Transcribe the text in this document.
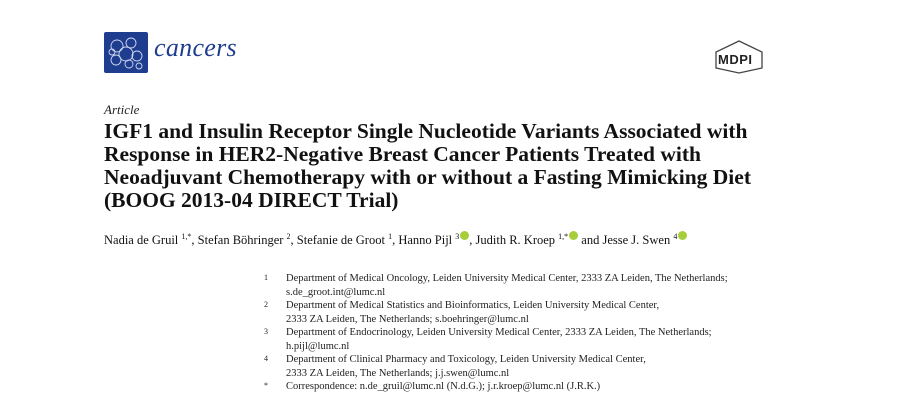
cancers	MDPI
Article
IGF1 and Insulin Receptor Single Nucleotide Variants Associated with Response in HER2-Negative Breast Cancer Patients Treated with Neoadjuvant Chemotherapy with or without a Fasting Mimicking Diet (BOOG 2013-04 DIRECT Trial)
Nadia de Gruil $^{1,*}$, Stefan Böhringer $^2$, Stefanie de Groot $^1$, Hanno Pijl $^3$ , Judith R. Kroep $^{1,*}$ and Jesse J. Swen $^4$
1	Department of Medical Oncology, Leiden University Medical Center, 2333 ZA Leiden, The Netherlands;
s.de_groot.int@lumc.nl
2	Department of Medical Statistics and Bioinformatics, Leiden University Medical Center,
2333 ZA Leiden, The Netherlands; s.boehringer@lumc.nl
3	Department of Endocrinology, Leiden University Medical Center, 2333 ZA Leiden, The Netherlands;
h.pijl@lumc.nl
4	Department of Clinical Pharmacy and Toxicology, Leiden University Medical Center,
2333 ZA Leiden, The Netherlands; j.j.swen@lumc.nl
*	Correspondence: n.de_gruil@lumc.nl (N.d.G.); j.r.kroep@lumc.nl (J.R.K.)
